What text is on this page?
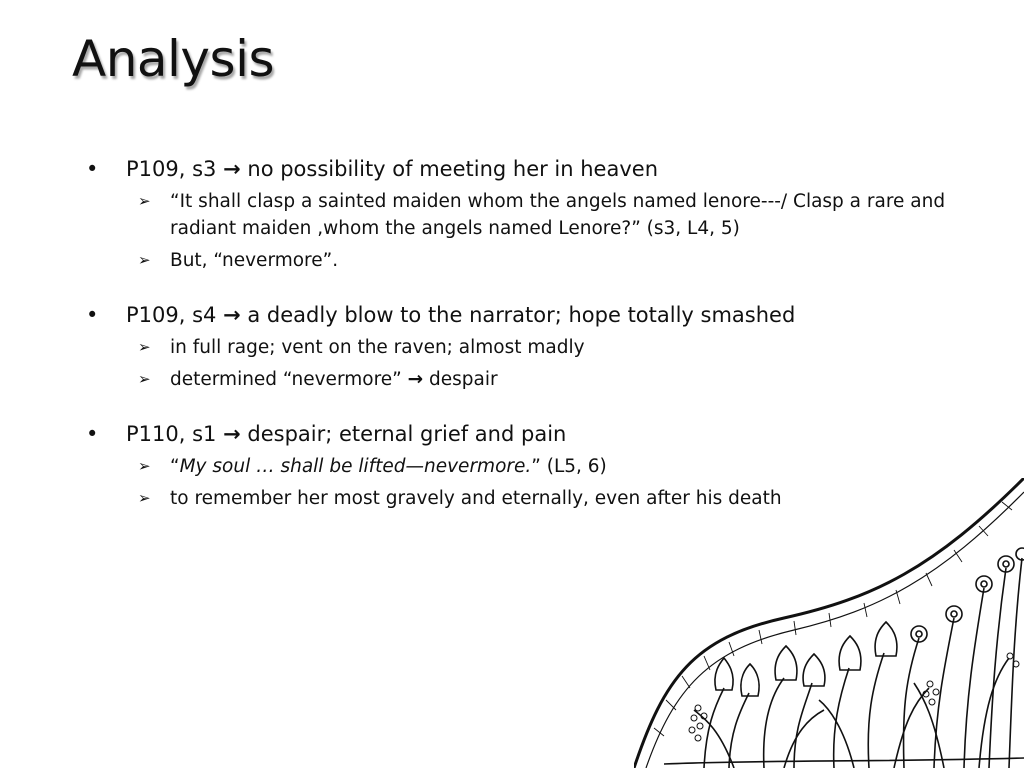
Analysis
• P109, s3 → no possibility of meeting her in heaven
➢ “It shall clasp a sainted maiden whom the angels named lenore---/ Clasp a rare and radiant maiden ,whom the angels named Lenore?” (s3, L4, 5)
➢ But, “nevermore”.
• P109, s4 → a deadly blow to the narrator; hope totally smashed
➢ in full rage; vent on the raven; almost madly
➢ determined “nevermore” → despair
• P110, s1 → despair; eternal grief and pain
➢ “My soul … shall be lifted—nevermore.” (L5, 6)
➢ to remember her most gravely and eternally, even after his death
